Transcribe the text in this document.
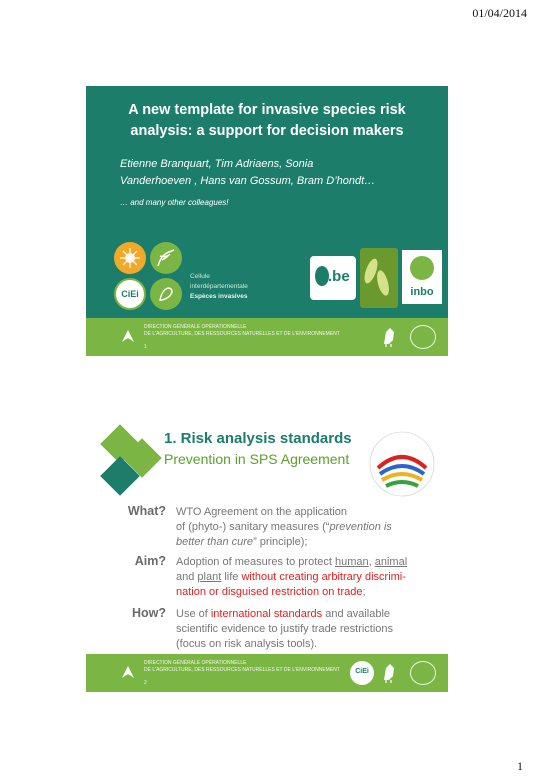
01/04/2014
A new template for invasive species risk
analysis: a support for decision makers
Etienne Branquart, Tim Adriaens, Sonia
Vanderhoeven , Hans van Gossum, Bram D’hondt…
… and many other colleagues!
CiEi
Cellule
interdépartementale
Espèces invasives
.be
inbo
DIRECTION GÉNÉRALE OPÉRATIONNELLE
DE L'AGRICULTURE, DES RESSOURCES NATURELLES ET DE L'ENVIRONNEMENT
1
1. Risk analysis standards
Prevention in SPS Agreement
What? WTO Agreement on the application
of (phyto-) sanitary measures (“prevention is
better than cure” principle);
Aim? Adoption of measures to protect human, animal
and plant life without creating arbitrary discrimi-
nation or disguised restriction on trade;
How? Use of international standards and available
scientific evidence to justify trade restrictions
(focus on risk analysis tools).
DIRECTION GÉNÉRALE OPÉRATIONNELLE
DE L'AGRICULTURE, DES RESSOURCES NATURELLES ET DE L'ENVIRONNEMENT
2
CiEi
1
